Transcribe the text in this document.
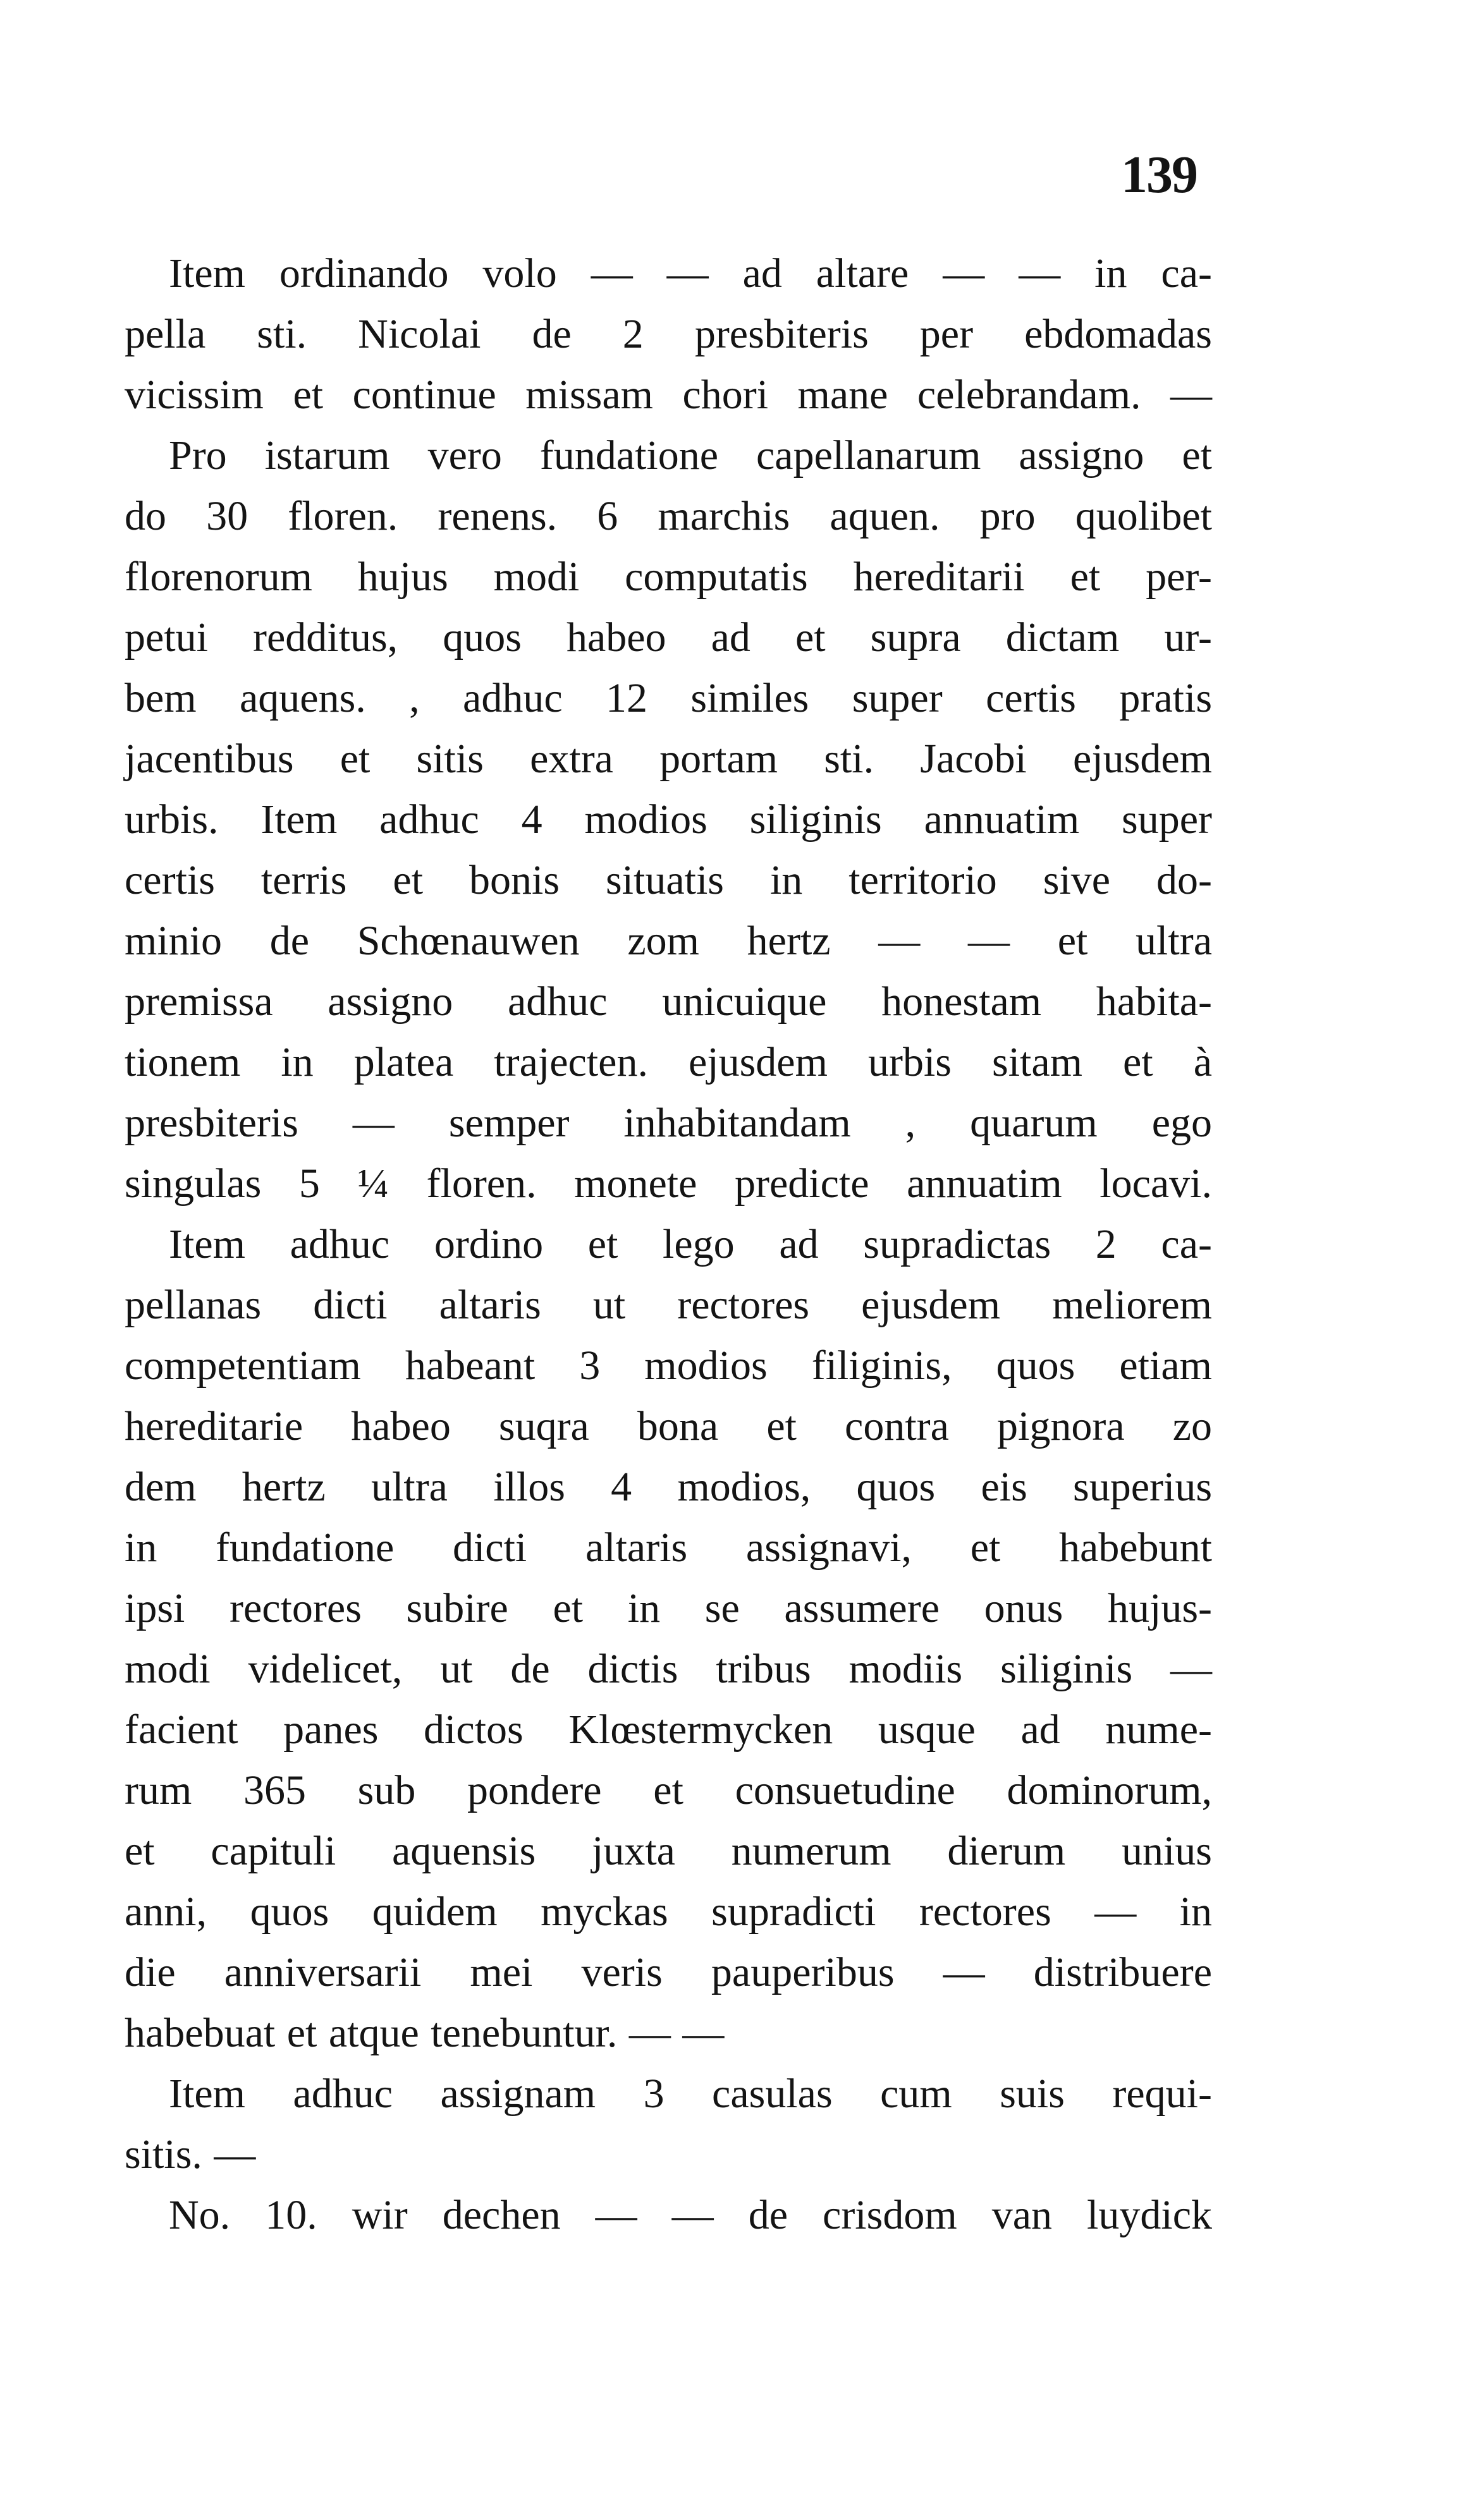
139
Item ordinando volo — — ad altare — — in ca-
pella sti. Nicolai de 2 presbiteris per ebdomadas
vicissim et continue missam chori mane celebrandam. —
Pro istarum vero fundatione capellanarum assigno et
do 30 floren. renens. 6 marchis aquen. pro quolibet
florenorum hujus modi computatis hereditarii et per-
petui redditus, quos habeo ad et supra dictam ur-
bem aquens. , adhuc 12 similes super certis pratis
jacentibus et sitis extra portam sti. Jacobi ejusdem
urbis. Item adhuc 4 modios siliginis annuatim super
certis terris et bonis situatis in territorio sive do-
minio de Schœnauwen zom hertz — — et ultra
premissa assigno adhuc unicuique honestam habita-
tionem in platea trajecten. ejusdem urbis sitam et à
presbiteris — semper inhabitandam , quarum ego
singulas 5 ¼ floren. monete predicte annuatim locavi.
Item adhuc ordino et lego ad supradictas 2 ca-
pellanas dicti altaris ut rectores ejusdem meliorem
competentiam habeant 3 modios filiginis, quos etiam
hereditarie habeo suqra bona et contra pignora zo
dem hertz ultra illos 4 modios, quos eis superius
in fundatione dicti altaris assignavi, et habebunt
ipsi rectores subire et in se assumere onus hujus-
modi videlicet, ut de dictis tribus modiis siliginis —
facient panes dictos Klœstermycken usque ad nume-
rum 365 sub pondere et consuetudine dominorum,
et capituli aquensis juxta numerum dierum unius
anni, quos quidem myckas supradicti rectores — in
die anniversarii mei veris pauperibus — distribuere
habebuat et atque tenebuntur. — —
Item adhuc assignam 3 casulas cum suis requi-
sitis. —
No. 10. wir dechen — — de crisdom van luydick
